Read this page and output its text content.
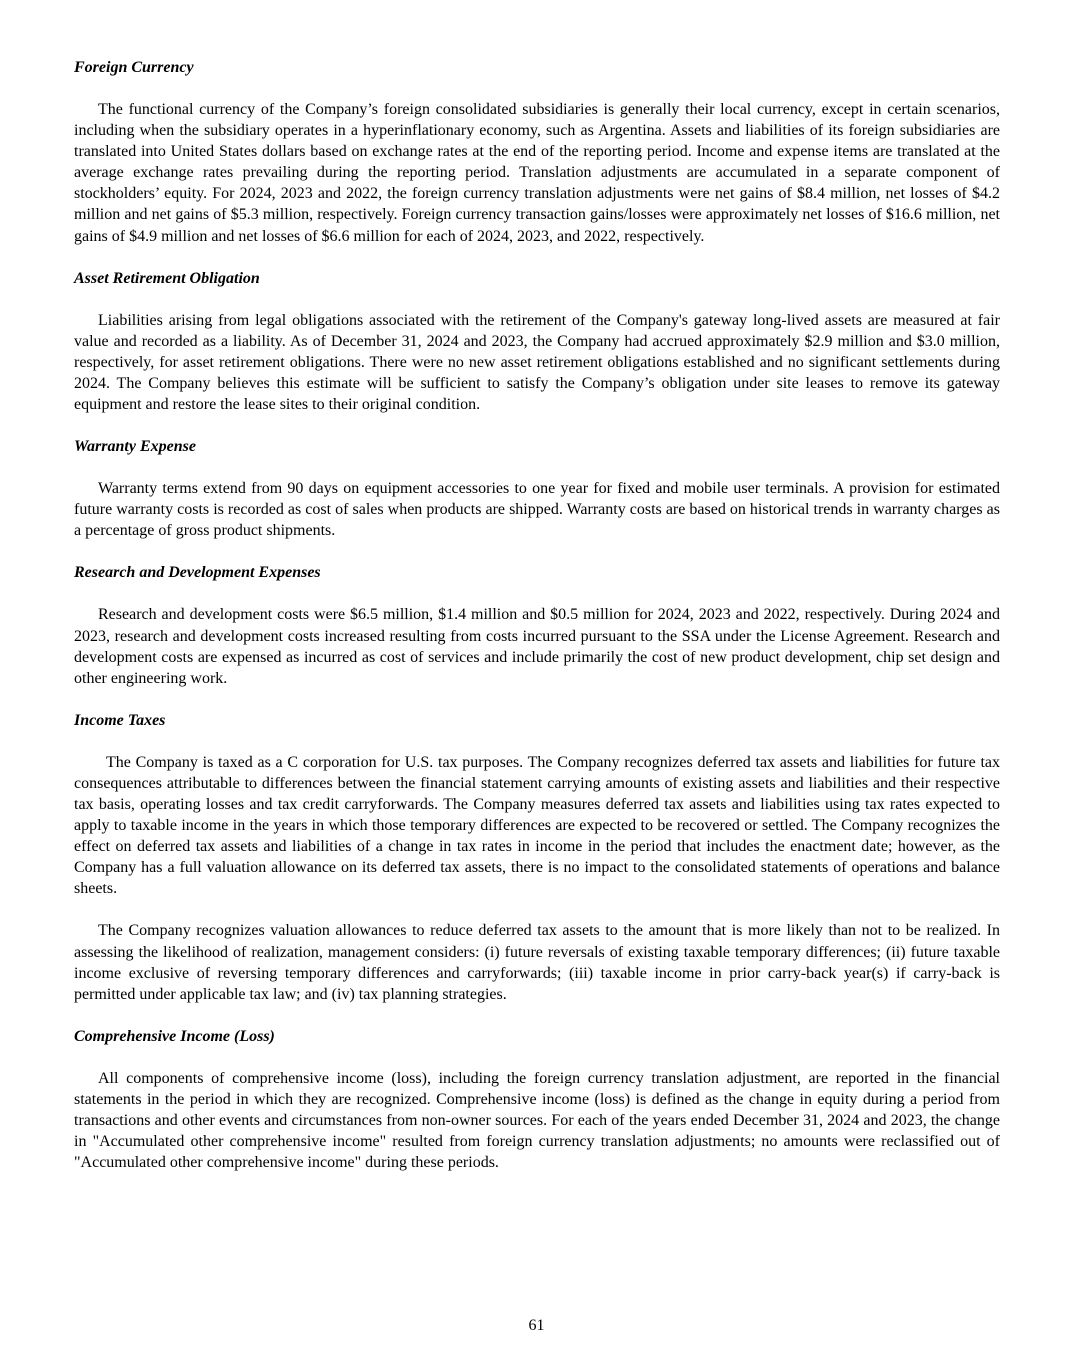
Foreign Currency

The functional currency of the Company’s foreign consolidated subsidiaries is generally their local currency, except in certain scenarios, including when the subsidiary operates in a hyperinflationary economy, such as Argentina. Assets and liabilities of its foreign subsidiaries are translated into United States dollars based on exchange rates at the end of the reporting period. Income and expense items are translated at the average exchange rates prevailing during the reporting period. Translation adjustments are accumulated in a separate component of stockholders’ equity. For 2024, 2023 and 2022, the foreign currency translation adjustments were net gains of $8.4 million, net losses of $4.2 million and net gains of $5.3 million, respectively. Foreign currency transaction gains/losses were approximately net losses of $16.6 million, net gains of $4.9 million and net losses of $6.6 million for each of 2024, 2023, and 2022, respectively.

Asset Retirement Obligation

Liabilities arising from legal obligations associated with the retirement of the Company's gateway long-lived assets are measured at fair value and recorded as a liability. As of December 31, 2024 and 2023, the Company had accrued approximately $2.9 million and $3.0 million, respectively, for asset retirement obligations. There were no new asset retirement obligations established and no significant settlements during 2024. The Company believes this estimate will be sufficient to satisfy the Company’s obligation under site leases to remove its gateway equipment and restore the lease sites to their original condition.

Warranty Expense

Warranty terms extend from 90 days on equipment accessories to one year for fixed and mobile user terminals. A provision for estimated future warranty costs is recorded as cost of sales when products are shipped. Warranty costs are based on historical trends in warranty charges as a percentage of gross product shipments.

Research and Development Expenses

Research and development costs were $6.5 million, $1.4 million and $0.5 million for 2024, 2023 and 2022, respectively. During 2024 and 2023, research and development costs increased resulting from costs incurred pursuant to the SSA under the License Agreement. Research and development costs are expensed as incurred as cost of services and include primarily the cost of new product development, chip set design and other engineering work.

Income Taxes

The Company is taxed as a C corporation for U.S. tax purposes. The Company recognizes deferred tax assets and liabilities for future tax consequences attributable to differences between the financial statement carrying amounts of existing assets and liabilities and their respective tax basis, operating losses and tax credit carryforwards. The Company measures deferred tax assets and liabilities using tax rates expected to apply to taxable income in the years in which those temporary differences are expected to be recovered or settled. The Company recognizes the effect on deferred tax assets and liabilities of a change in tax rates in income in the period that includes the enactment date; however, as the Company has a full valuation allowance on its deferred tax assets, there is no impact to the consolidated statements of operations and balance sheets.

The Company recognizes valuation allowances to reduce deferred tax assets to the amount that is more likely than not to be realized. In assessing the likelihood of realization, management considers: (i) future reversals of existing taxable temporary differences; (ii) future taxable income exclusive of reversing temporary differences and carryforwards; (iii) taxable income in prior carry-back year(s) if carry-back is permitted under applicable tax law; and (iv) tax planning strategies.

Comprehensive Income (Loss)

All components of comprehensive income (loss), including the foreign currency translation adjustment, are reported in the financial statements in the period in which they are recognized. Comprehensive income (loss) is defined as the change in equity during a period from transactions and other events and circumstances from non-owner sources. For each of the years ended December 31, 2024 and 2023, the change in "Accumulated other comprehensive income" resulted from foreign currency translation adjustments; no amounts were reclassified out of "Accumulated other comprehensive income" during these periods.

61
